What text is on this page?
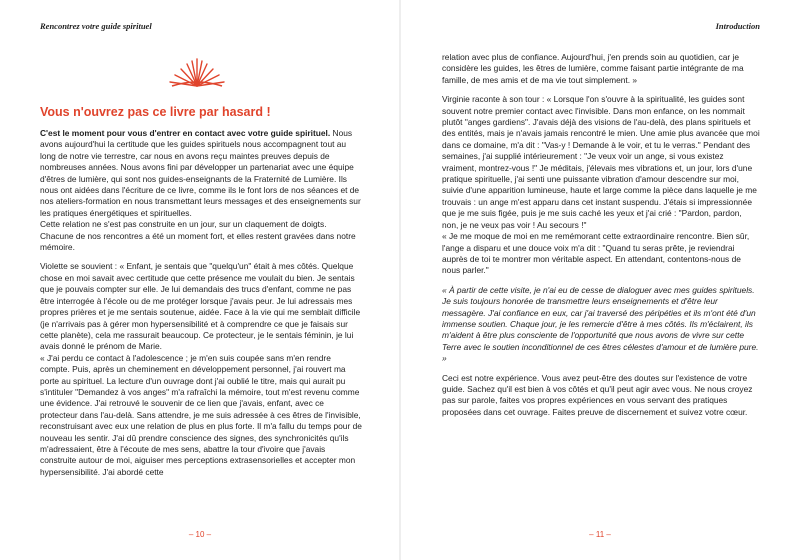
Rencontrez votre guide spirituel
Vous n'ouvrez pas ce livre par hasard !

C'est le moment pour vous d'entrer en contact avec votre guide spirituel. Nous avons aujourd'hui la certitude que les guides spirituels nous accompagnent tout au long de notre vie terrestre, car nous en avons reçu maintes preuves depuis de nombreuses années. Nous avons fini par développer un partenariat avec une équipe d'êtres de lumière, qui sont nos guides-enseignants de la Fraternité de Lumière. Ils nous ont aidées dans l'écriture de ce livre, comme ils le font lors de nos séances et de nos ateliers-formation en nous transmettant leurs messages et des enseignements sur les pratiques énergétiques et spirituelles.

Cette relation ne s'est pas construite en un jour, sur un claquement de doigts. Chacune de nos rencontres a été un moment fort, et elles restent gravées dans notre mémoire.

Violette se souvient : « Enfant, je sentais que "quelqu'un" était à mes côtés. Quelque chose en moi savait avec certitude que cette présence me voulait du bien. Je sentais que je pouvais compter sur elle. Je lui demandais des trucs d'enfant, comme ne pas être interrogée à l'école ou de me protéger lorsque j'avais peur. Je lui adressais mes propres prières et je me sentais soutenue, aidée. Face à la vie qui me semblait difficile (je n'arrivais pas à gérer mon hypersensibilité et à comprendre ce que je faisais sur cette planète), cela me rassurait beaucoup. Ce protecteur, je le sentais féminin, je lui avais donné le prénom de Marie.

« J'ai perdu ce contact à l'adolescence ; je m'en suis coupée sans m'en rendre compte. Puis, après un cheminement en développement personnel, j'ai rouvert ma porte au spirituel. La lecture d'un ouvrage dont j'ai oublié le titre, mais qui aurait pu s'intituler "Demandez à vos anges" m'a rafraîchi la mémoire, tout m'est revenu comme une évidence. J'ai retrouvé le souvenir de ce lien que j'avais, enfant, avec ce protecteur dans l'au-delà. Sans attendre, je me suis adressée à ces êtres de l'invisible, reconstruisant avec eux une relation de plus en plus forte. Il m'a fallu du temps pour de nouveau les sentir. J'ai dû prendre conscience des signes, des synchronicités qu'ils m'adressaient, être à l'écoute de mes sens, abattre la tour d'ivoire que j'avais construite autour de moi, aiguiser mes perceptions extrasensorielles et accepter mon hypersensibilité. J'ai abordé cette

– 10 –
Introduction

relation avec plus de confiance. Aujourd'hui, j'en prends soin au quotidien, car je considère les guides, les êtres de lumière, comme faisant partie intégrante de ma famille, de mes amis et de ma vie tout simplement. »

Virginie raconte à son tour : « Lorsque l'on s'ouvre à la spiritualité, les guides sont souvent notre premier contact avec l'invisible. Dans mon enfance, on les nommait plutôt "anges gardiens". J'avais déjà des visions de l'au-delà, des plans spirituels et des entités, mais je n'avais jamais rencontré le mien. Une amie plus avancée que moi dans ce domaine, m'a dit : "Vas-y ! Demande à le voir, et tu le verras." Pendant des semaines, j'ai supplié intérieurement : "Je veux voir un ange, si vous existez vraiment, montrez-vous !" Je méditais, j'élevais mes vibrations et, un jour, lors d'une pratique spirituelle, j'ai senti une puissante vibration d'amour descendre sur moi, suivie d'une apparition lumineuse, haute et large comme la pièce dans laquelle je me trouvais : un ange m'est apparu dans cet instant suspendu. J'étais si impressionnée que je me suis figée, puis je me suis caché les yeux et j'ai crié : "Pardon, pardon, non, je ne veux pas voir ! Au secours !"

« Je me moque de moi en me remémorant cette extraordinaire rencontre. Bien sûr, l'ange a disparu et une douce voix m'a dit : "Quand tu seras prête, je reviendrai auprès de toi te montrer mon véritable aspect. En attendant, contentons-nous de nous parler."

« À partir de cette visite, je n'ai eu de cesse de dialoguer avec mes guides spirituels. Je suis toujours honorée de transmettre leurs enseignements et d'être leur messagère. J'ai confiance en eux, car j'ai traversé des péripéties et ils m'ont été d'un immense soutien. Chaque jour, je les remercie d'être à mes côtés. Ils m'éclairent, ils m'aident à être plus consciente de l'opportunité que nous avons de vivre sur cette Terre avec le soutien inconditionnel de ces êtres célestes d'amour et de lumière pure. »

Ceci est notre expérience. Vous avez peut-être des doutes sur l'existence de votre guide. Sachez qu'il est bien à vos côtés et qu'il peut agir avec vous. Ne nous croyez pas sur parole, faites vos propres expériences en vous servant des pratiques proposées dans cet ouvrage. Faites preuve de discernement et suivez votre cœur.

– 11 –
